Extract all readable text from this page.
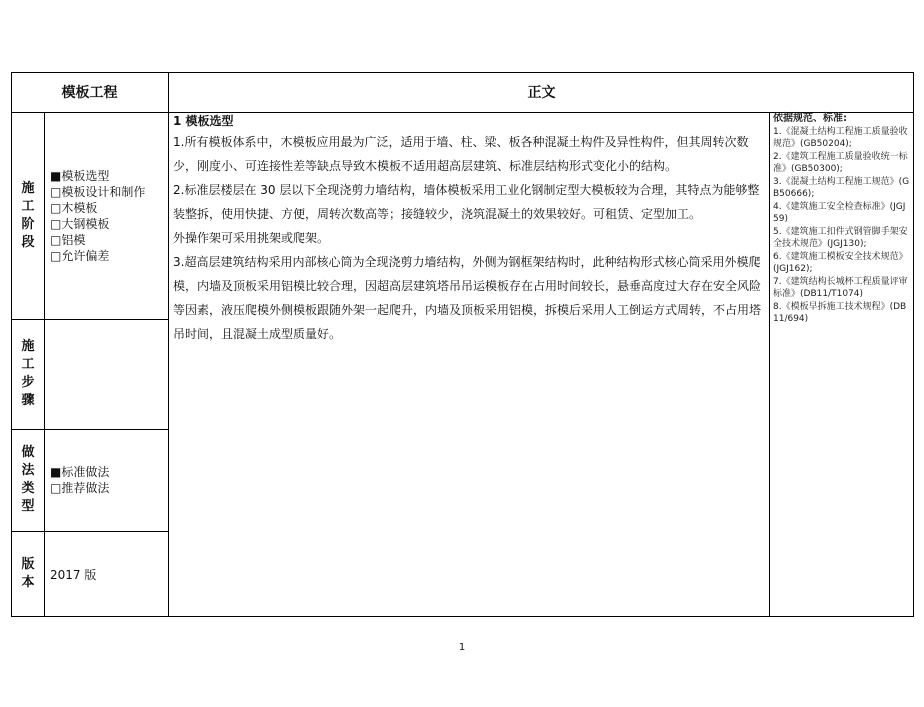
模板工程	正文
施
工
阶
段
施
工
步
骤
做
法
类
型
版
本
■模板选型
□模板设计和制作
□木模板
□大钢模板
□铝模
□允许偏差
■标准做法
□推荐做法
2017 版
1 模板选型

1.所有模板体系中，木模板应用最为广泛，适用于墙、柱、梁、板各种混凝土构件及异性构件，但其周转次数少，刚度小、可连接性差等缺点导致木模板不适用超高层建筑、标准层结构形式变化小的结构。

2.标准层楼层在 30 层以下全现浇剪力墙结构，墙体模板采用工业化钢制定型大模板较为合理，其特点为能够整装整拆，使用快捷、方便，周转次数高等；接缝较少，浇筑混凝土的效果较好。可租赁、定型加工。

外操作架可采用挑架或爬架。

3.超高层建筑结构采用内部核心筒为全现浇剪力墙结构，外侧为钢框架结构时，此种结构形式核心筒采用外模爬模，内墙及顶板采用铝模比较合理，因超高层建筑塔吊吊运模板存在占用时间较长，悬垂高度过大存在安全风险等因素，液压爬模外侧模板跟随外架一起爬升，内墙及顶板采用铝模，拆模后采用人工倒运方式周转，不占用塔吊时间，且混凝土成型质量好。

依据规范、标准:
1.《混凝土结构工程施工质量验收规范》(GB50204);
2.《建筑工程施工质量验收统一标准》(GB50300);
3.《混凝土结构工程施工规范》(GB50666);
4.《建筑施工安全检查标准》(JGJ59)
5.《建筑施工扣件式钢管脚手架安全技术规范》(JGJ130);
6.《建筑施工模板安全技术规范》(JGJ162);
7.《建筑结构长城杯工程质量评审标准》(DB11/T1074)
8.《模板早拆施工技术规程》(DB11/694)
1
